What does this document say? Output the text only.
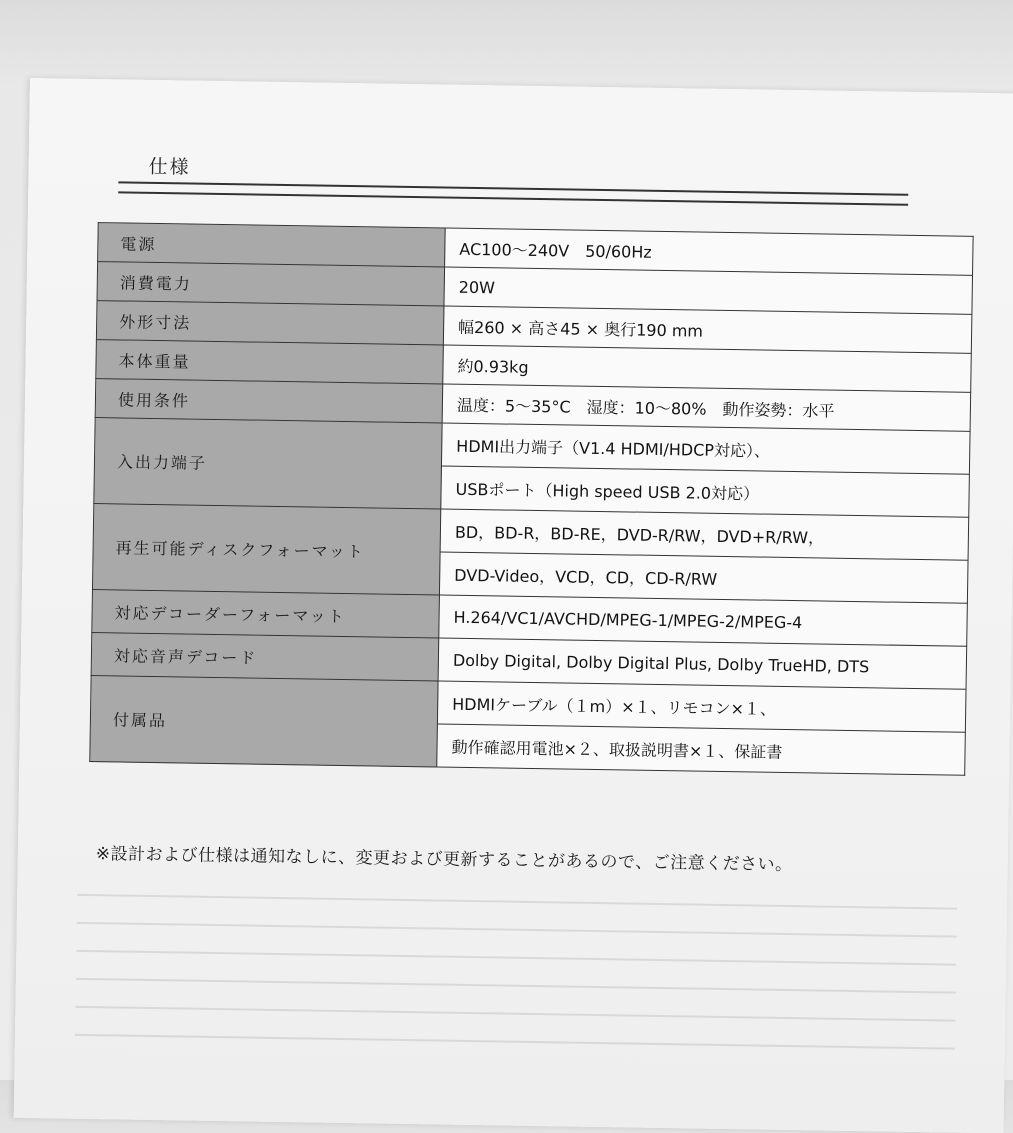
仕様
電源	AC100〜240V　50/60Hz
消費電力	20W
外形寸法	幅260 × 高さ45 × 奥行190 mm
本体重量	約0.93kg
使用条件	温度：5〜35°C　湿度：10〜80%　動作姿勢：水平
入出力端子	HDMI出力端子（V1.4 HDMI/HDCP対応）、
	USBポート（High speed USB 2.0対応）
再生可能ディスクフォーマット	BD，BD-R，BD-RE，DVD-R/RW，DVD+R/RW，
	DVD-Video，VCD，CD，CD-R/RW
対応デコーダーフォーマット	H.264/VC1/AVCHD/MPEG-1/MPEG-2/MPEG-4
対応音声デコード	Dolby Digital, Dolby Digital Plus, Dolby TrueHD, DTS
付属品	HDMIケーブル（１m）×１、リモコン×１、
	動作確認用電池×２、取扱説明書×１、保証書
※設計および仕様は通知なしに、変更および更新することがあるので、ご注意ください。
